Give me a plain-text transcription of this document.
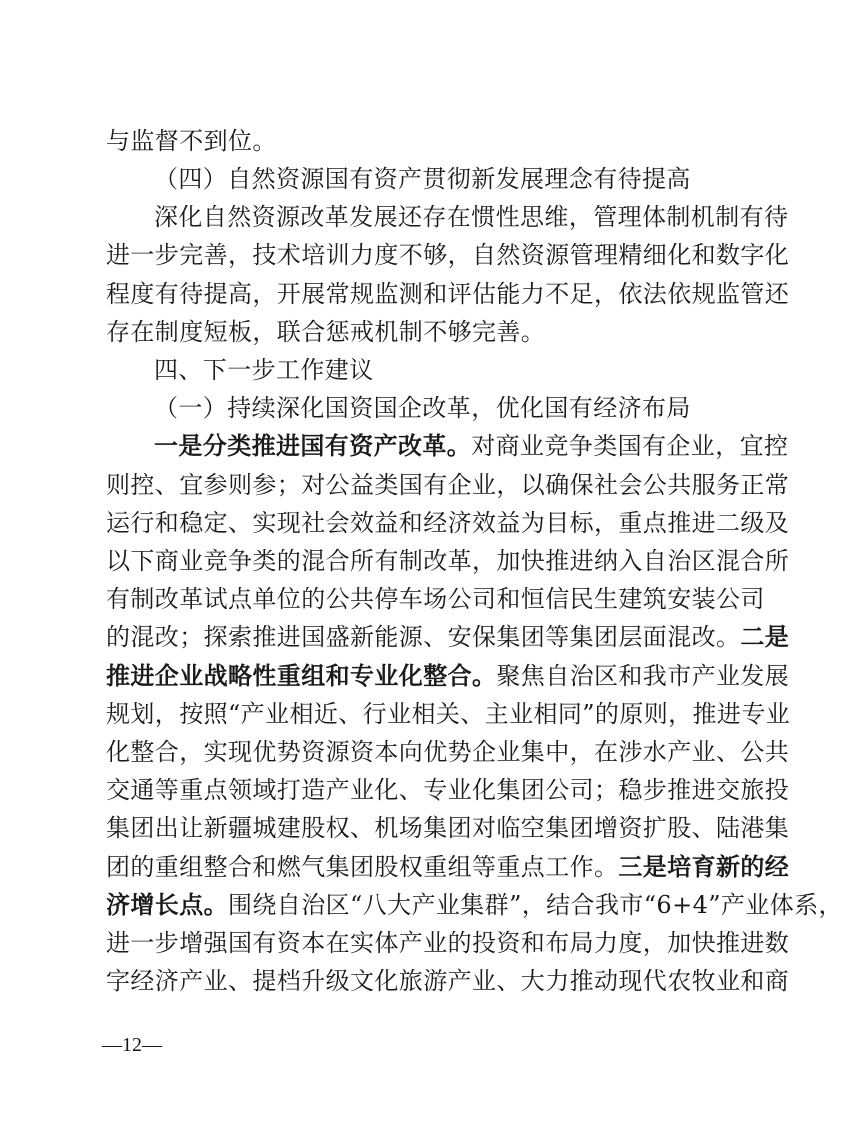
与监督不到位。
（四）自然资源国有资产贯彻新发展理念有待提高
深化自然资源改革发展还存在惯性思维，管理体制机制有待
进一步完善，技术培训力度不够，自然资源管理精细化和数字化
程度有待提高，开展常规监测和评估能力不足，依法依规监管还
存在制度短板，联合惩戒机制不够完善。
四、下一步工作建议
（一）持续深化国资国企改革，优化国有经济布局
一是分类推进国有资产改革。对商业竞争类国有企业，宜控
则控、宜参则参；对公益类国有企业，以确保社会公共服务正常
运行和稳定、实现社会效益和经济效益为目标，重点推进二级及
以下商业竞争类的混合所有制改革，加快推进纳入自治区混合所
有制改革试点单位的公共停车场公司和恒信民生建筑安装公司
的混改；探索推进国盛新能源、安保集团等集团层面混改。二是
推进企业战略性重组和专业化整合。聚焦自治区和我市产业发展
规划，按照“产业相近、行业相关、主业相同”的原则，推进专业
化整合，实现优势资源资本向优势企业集中，在涉水产业、公共
交通等重点领域打造产业化、专业化集团公司；稳步推进交旅投
集团出让新疆城建股权、机场集团对临空集团增资扩股、陆港集
团的重组整合和燃气集团股权重组等重点工作。三是培育新的经
济增长点。围绕自治区“八大产业集群”，结合我市“6+4”产业体系，
进一步增强国有资本在实体产业的投资和布局力度，加快推进数
字经济产业、提档升级文化旅游产业、大力推动现代农牧业和商
—12—
